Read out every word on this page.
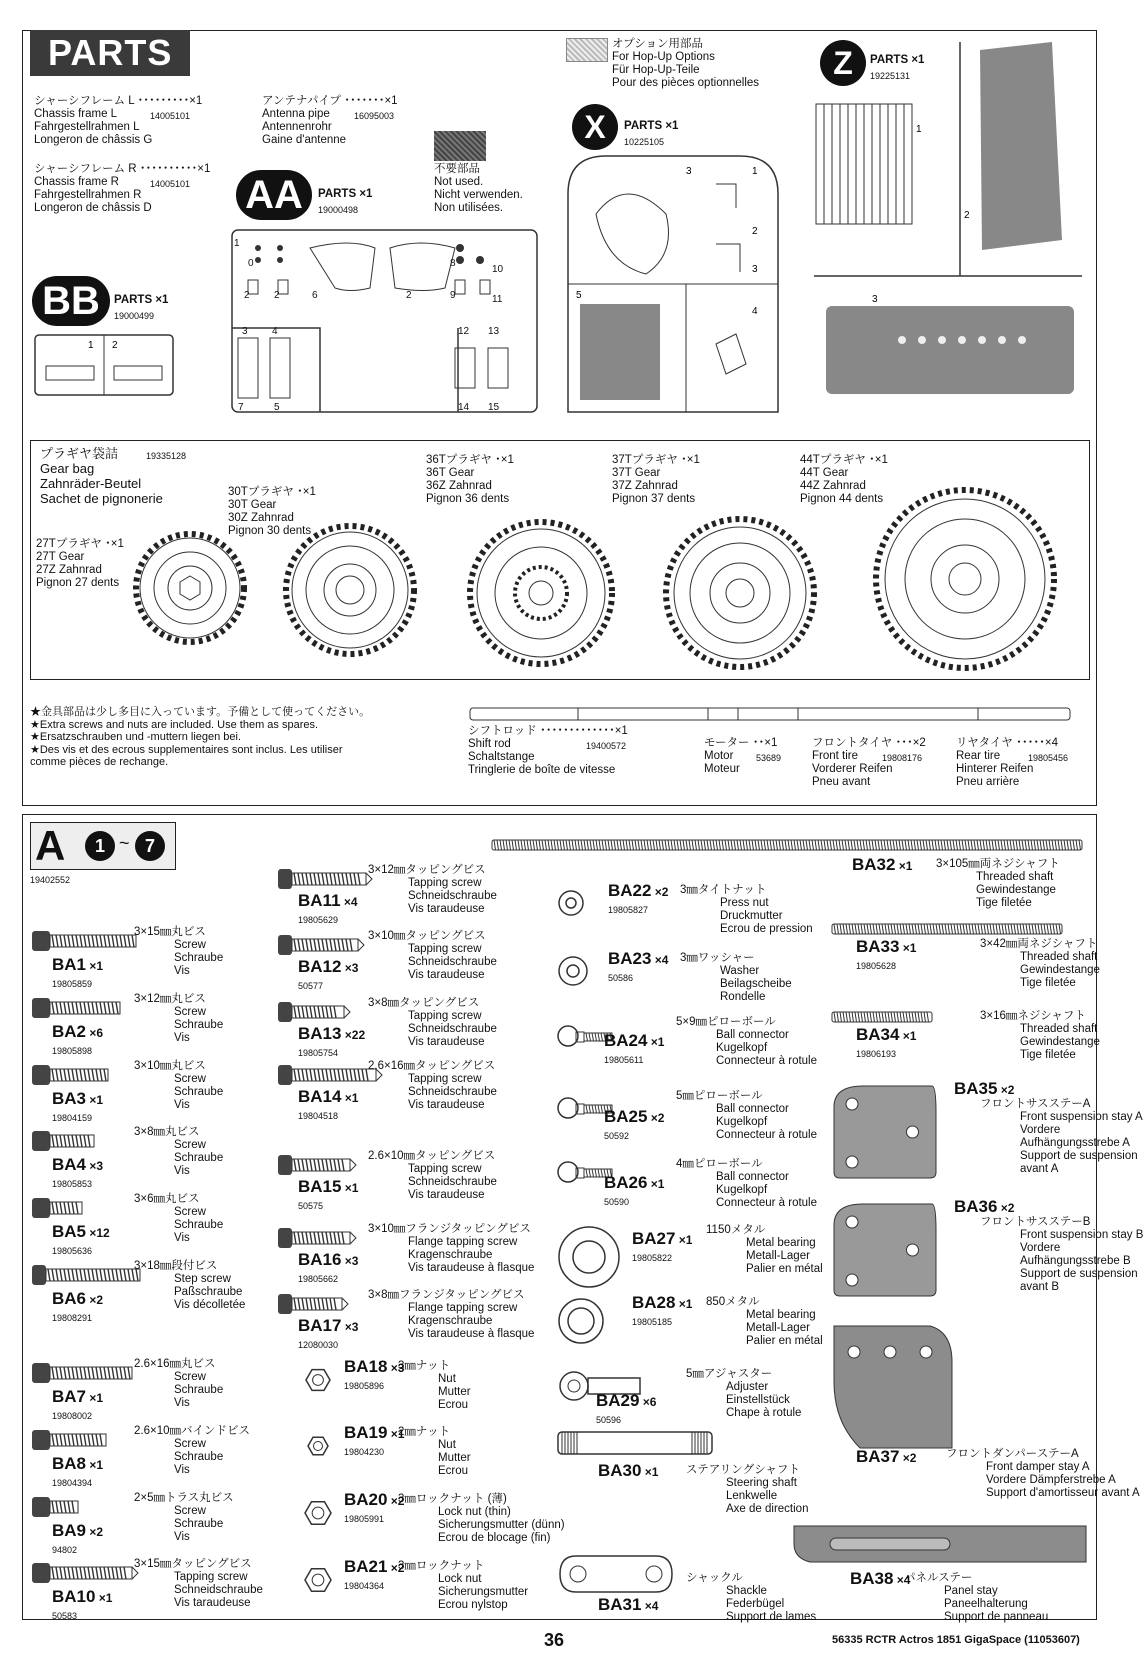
PARTS
シャーシフレーム L ･････････×1
Chassis frame L
Fahrgestellrahmen L
Longeron de châssis G
14005101
シャーシフレーム R ･･････････×1
Chassis frame R
Fahrgestellrahmen R
Longeron de châssis D
14005101
アンテナパイプ ･･･････×1
Antenna pipe
Antennenrohr
Gaine d'antenne
16095003
不要部品
Not used.
Nicht verwenden.
Non utilisées.
オプション用部品
For Hop-Up Options
Für Hop-Up-Teile
Pour des pièces optionnelles
AA	PARTS ×1
19000498
1
0
2 2	6	2
8
9
10
11
3 4
7	5
12 13
14 15
BB	PARTS ×1
19000499
1 2
X	PARTS ×1
10225105
3	1
2
3
5
4
Z	PARTS ×1
19225131
1
2
3
プラギヤ袋詰
Gear bag
Zahnräder-Beutel
Sachet de pignonerie
19335128
27Tプラギヤ ･×1
27T Gear
27Z Zahnrad
Pignon 27 dents
30Tプラギヤ ･×1
30T Gear
30Z Zahnrad
Pignon 30 dents
36Tプラギヤ ･×1
36T Gear
36Z Zahnrad
Pignon 36 dents
37Tプラギヤ ･×1
37T Gear
37Z Zahnrad
Pignon 37 dents
44Tプラギヤ ･×1
44T Gear
44Z Zahnrad
Pignon 44 dents
★金具部品は少し多目に入っています。予備として使ってください。
★Extra screws and nuts are included. Use them as spares.
★Ersatzschrauben und -muttern liegen bei.
★Des vis et des ecrous supplementaires sont inclus. Les utiliser
comme pièces de rechange.
シフトロッド ･････････････×1
Shift rod
Schaltstange
Tringlerie de boîte de vitesse
19400572	モーター ･･×1
Motor
Moteur
53689
フロントタイヤ ･･･×2
Front tire
Vorderer Reifen
Pneu avant
19808176
リヤタイヤ ･････×4
Rear tire
Hinterer Reifen
Pneu arrière
19805456
A	1 ~ 7
19402552
BA1 ×1
19805859
3×15㎜丸ビス
Screw
Schraube
Vis
BA2 ×6
19805898
3×12㎜丸ビス
Screw
Schraube
Vis
BA3 ×1
19804159
3×10㎜丸ビス
Screw
Schraube
Vis
BA4 ×3
19805853
3×8㎜丸ビス
Screw
Schraube
Vis
BA5 ×12
19805636
3×6㎜丸ビス
Screw
Schraube
Vis
BA6 ×2
19808291
3×18㎜段付ビス
Step screw
Paßschraube
Vis décolletée
BA7 ×1
19808002
2.6×16㎜丸ビス
Screw
Schraube
Vis
BA8 ×1
19804394
2.6×10㎜バインドビス
Screw
Schraube
Vis
BA9 ×2
94802
2×5㎜トラス丸ビス
Screw
Schraube
Vis
BA10 ×1
50583
3×15㎜タッピングビス
Tapping screw
Schneidschraube
Vis taraudeuse
BA11 ×4
19805629
3×12㎜タッピングビス
Tapping screw
Schneidschraube
Vis taraudeuse
BA12 ×3
50577
3×10㎜タッピングビス
Tapping screw
Schneidschraube
Vis taraudeuse
BA13 ×22
19805754
3×8㎜タッピングビス
Tapping screw
Schneidschraube
Vis taraudeuse
BA14 ×1
19804518
2.6×16㎜タッピングビス
Tapping screw
Schneidschraube
Vis taraudeuse
BA15 ×1
50575
2.6×10㎜タッピングビス
Tapping screw
Schneidschraube
Vis taraudeuse
BA16 ×3
19805662
3×10㎜フランジタッピングビス
Flange tapping screw
Kragenschraube
Vis taraudeuse à flasque
BA17 ×3
12080030
3×8㎜フランジタッピングビス
Flange tapping screw
Kragenschraube
Vis taraudeuse à flasque
BA18 ×3
19805896
3㎜ナット
Nut
Mutter
Ecrou
BA19 ×1
19804230
2㎜ナット
Nut
Mutter
Ecrou
BA20 ×2
19805991
3㎜ロックナット (薄)
Lock nut (thin)
Sicherungsmutter (dünn)
Ecrou de blocage (fin)
BA21 ×2
19804364
3㎜ロックナット
Lock nut
Sicherungsmutter
Ecrou nylstop
BA22 ×2
19805827
3㎜タイトナット
Press nut
Druckmutter
Ecrou de pression
BA23 ×4
50586
3㎜ワッシャー
Washer
Beilagscheibe
Rondelle
BA24 ×1
19805611
5×9㎜ピローボール
Ball connector
Kugelkopf
Connecteur à rotule
BA25 ×2
50592
5㎜ピローボール
Ball connector
Kugelkopf
Connecteur à rotule
BA26 ×1
50590
4㎜ピローボール
Ball connector
Kugelkopf
Connecteur à rotule
BA27 ×1
19805822
1150メタル
Metal bearing
Metall-Lager
Palier en métal
BA28 ×1
19805185
850メタル
Metal bearing
Metall-Lager
Palier en métal
BA29 ×6
50596
5㎜アジャスター
Adjuster
Einstellstück
Chape à rotule
BA30 ×1 ステアリングシャフト
Steering shaft
Lenkwelle
Axe de direction
BA31 ×4
シャックル
Shackle
Federbügel
Support de lames
BA32 ×1 3×105㎜両ネジシャフト
Threaded shaft
Gewindestange
Tige filetée
BA33 ×1
19805628
3×42㎜両ネジシャフト
Threaded shaft
Gewindestange
Tige filetée
BA34 ×1
19806193
3×16㎜ネジシャフト
Threaded shaft
Gewindestange
Tige filetée
BA35 ×2
フロントサスステーA
Front suspension stay A
Vordere
Aufhängungsstrebe A
Support de suspension
avant A
BA36 ×2
フロントサスステーB
Front suspension stay B
Vordere
Aufhängungsstrebe B
Support de suspension
avant B
BA37 ×2	フロントダンパーステーA
Front damper stay A
Vordere Dämpferstrebe A
Support d'amortisseur avant A
BA38 ×4
パネルステー
Panel stay
Paneelhalterung
Support de panneau
36	56335 RCTR Actros 1851 GigaSpace (11053607)
